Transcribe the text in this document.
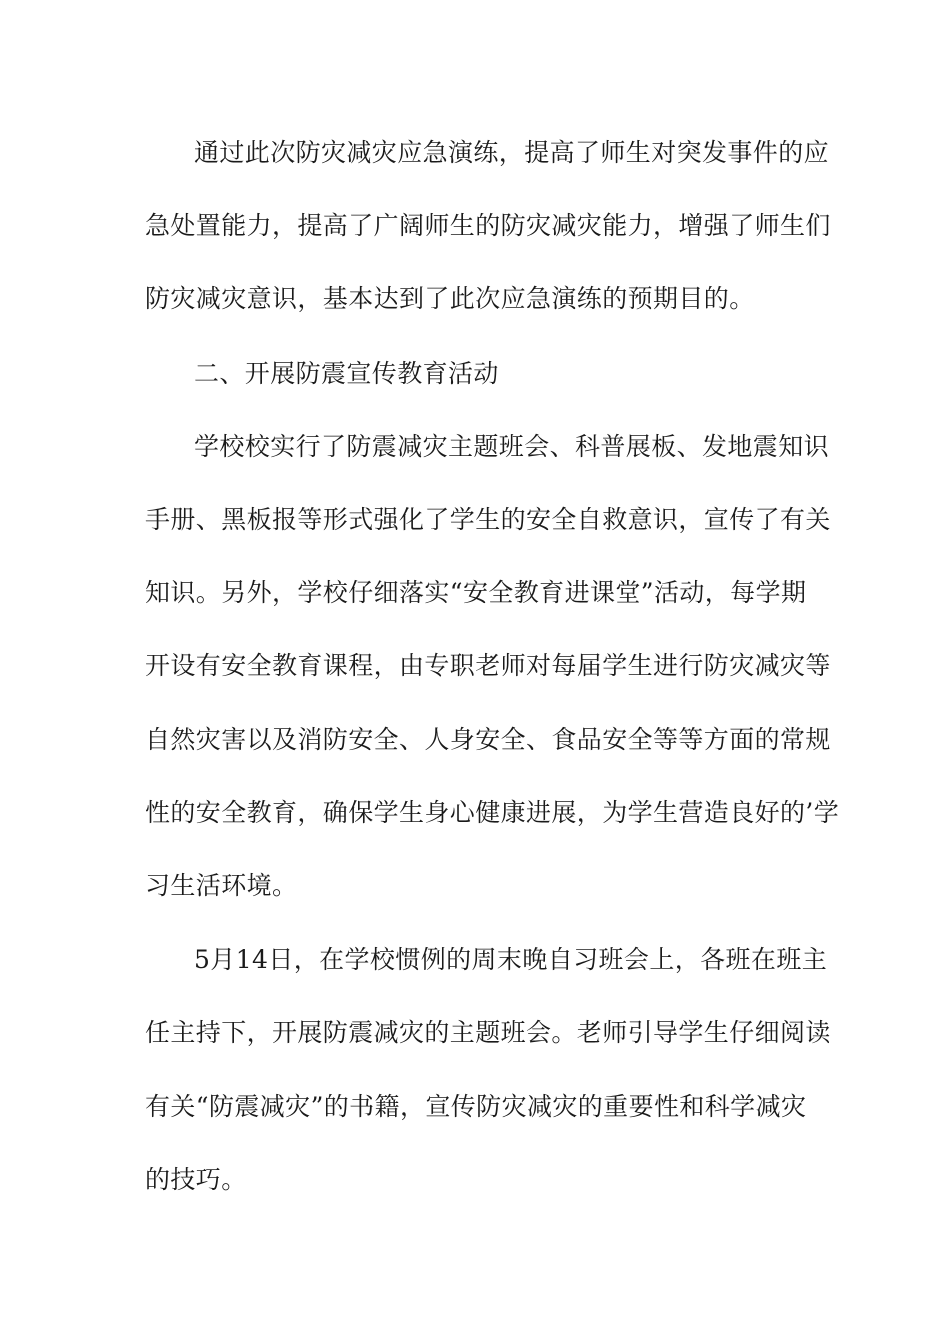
通过此次防灾减灾应急演练，提高了师生对突发事件的应
急处置能力，提高了广阔师生的防灾减灾能力，增强了师生们
防灾减灾意识，基本达到了此次应急演练的预期目的。
二、开展防震宣传教育活动
学校校实行了防震减灾主题班会、科普展板、发地震知识
手册、黑板报等形式强化了学生的安全自救意识，宣传了有关
知识。另外，学校仔细落实“安全教育进课堂”活动，每学期
开设有安全教育课程，由专职老师对每届学生进行防灾减灾等
自然灾害以及消防安全、人身安全、食品安全等等方面的常规
性的安全教育，确保学生身心健康进展，为学生营造良好的’学
习生活环境。
5月14日，在学校惯例的周末晚自习班会上，各班在班主
任主持下，开展防震减灾的主题班会。老师引导学生仔细阅读
有关“防震减灾”的书籍，宣传防灾减灾的重要性和科学减灾
的技巧。
